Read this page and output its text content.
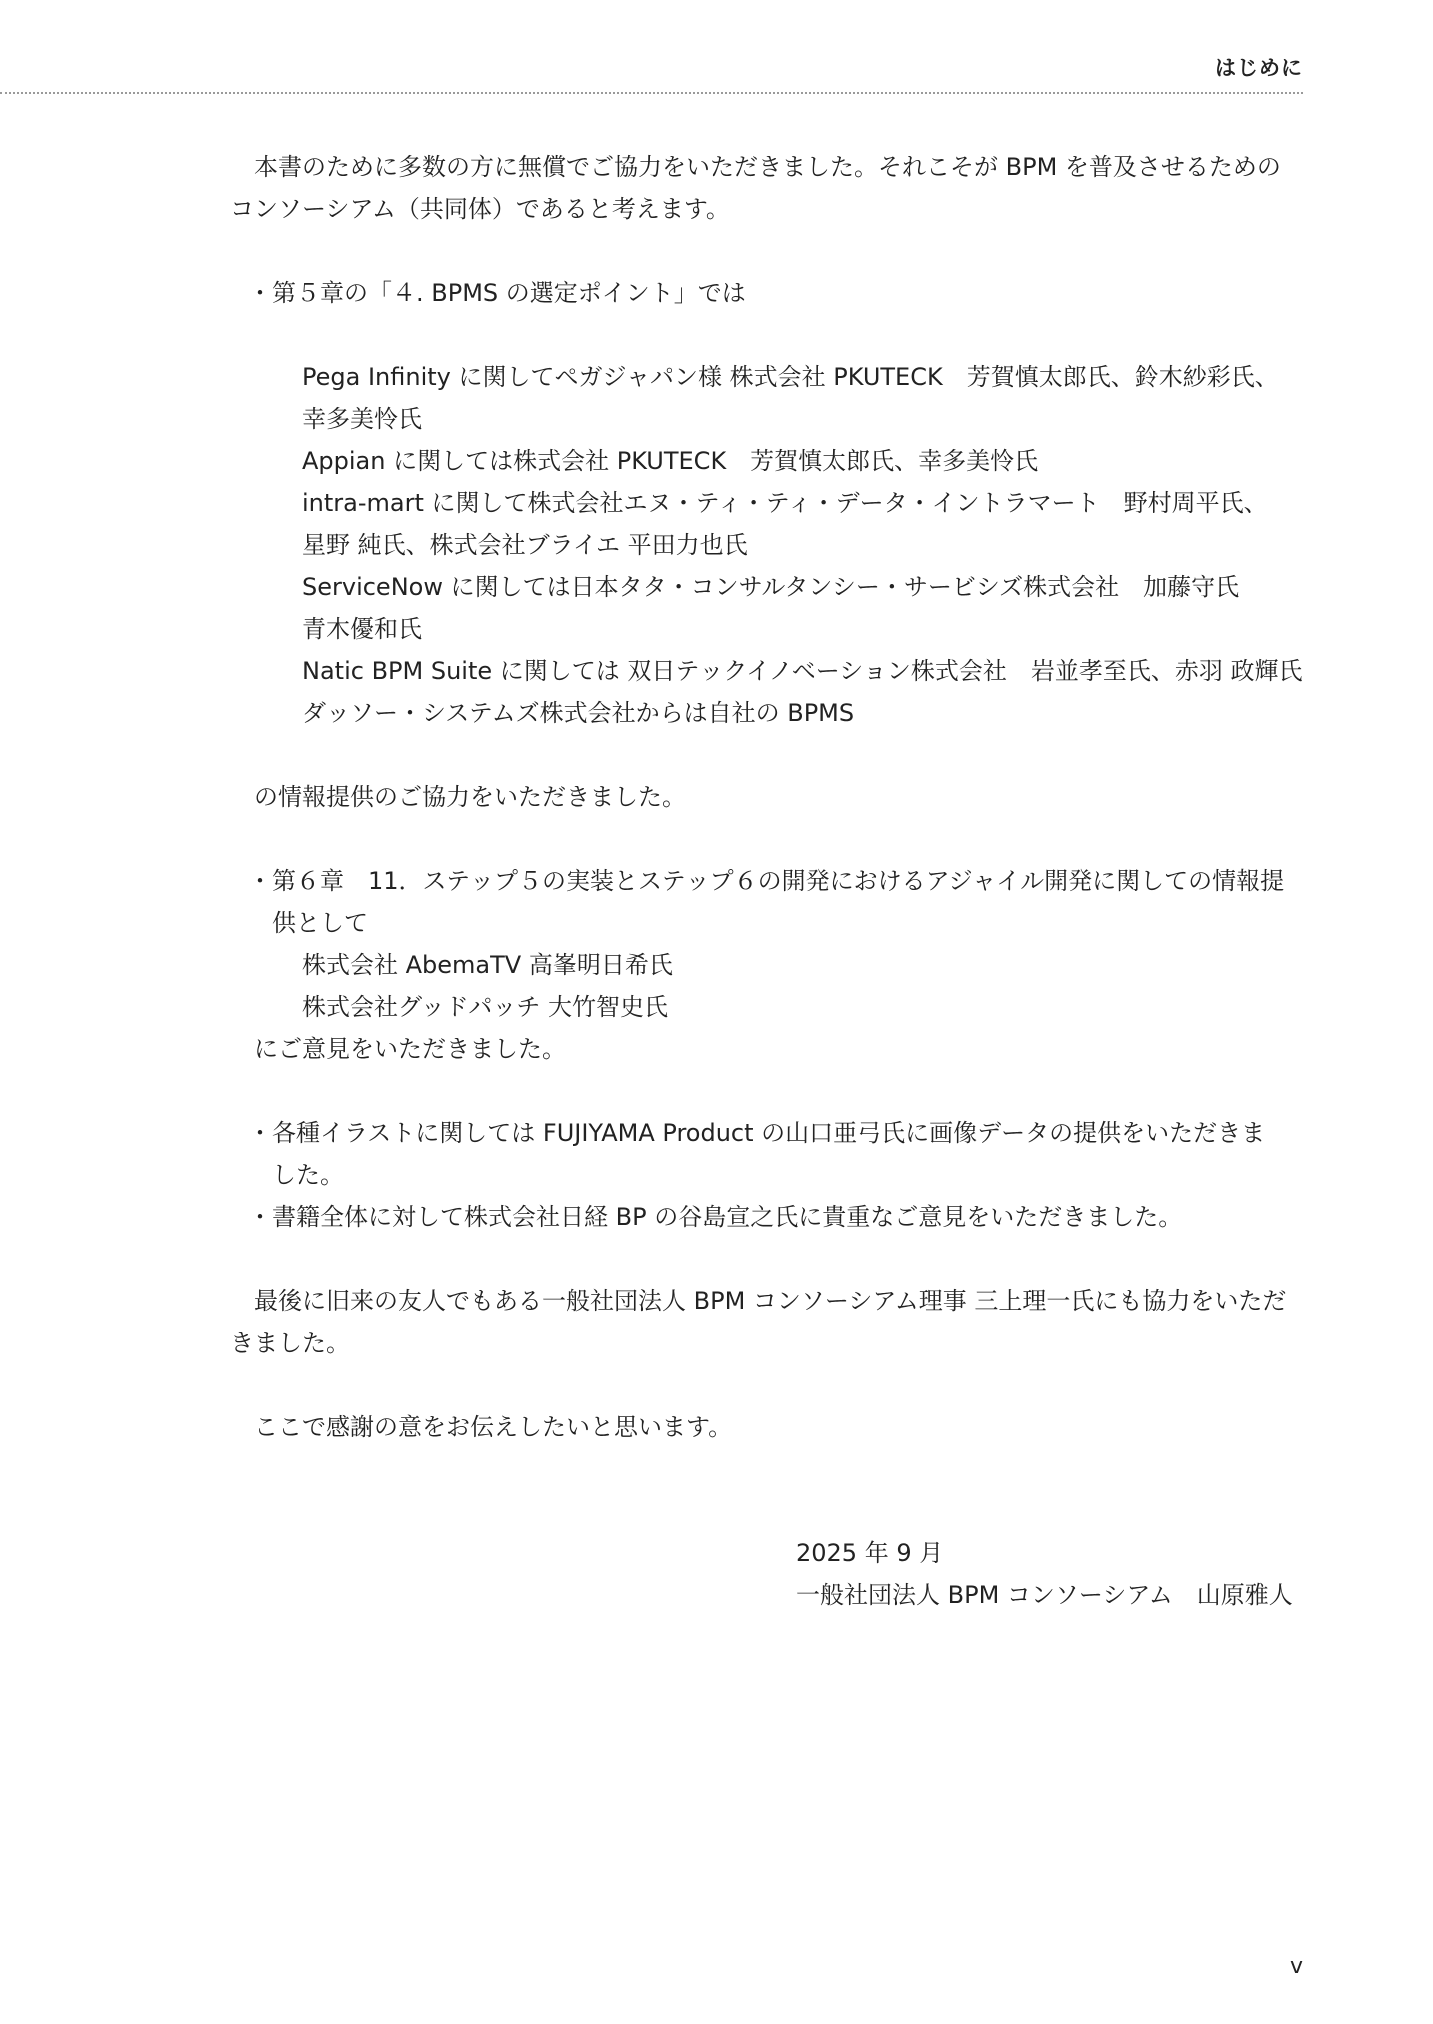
はじめに
本書のために多数の方に無償でご協力をいただきました。それこそが BPM を普及させるための
コンソーシアム（共同体）であると考えます。
・第５章の「４. BPMS の選定ポイント」では
Pega Infinity に関してペガジャパン様 株式会社 PKUTECK　芳賀慎太郎氏、鈴木紗彩氏、
幸多美怜氏
Appian に関しては株式会社 PKUTECK　芳賀慎太郎氏、幸多美怜氏
intra-mart に関して株式会社エヌ・ティ・ティ・データ・イントラマート　野村周平氏、
星野 純氏、株式会社ブライエ 平田力也氏
ServiceNow に関しては日本タタ・コンサルタンシー・サービシズ株式会社　加藤守氏
青木優和氏
Natic BPM Suite に関しては 双日テックイノベーション株式会社　岩並孝至氏、赤羽 政輝氏
ダッソー・システムズ株式会社からは自社の BPMS
の情報提供のご協力をいただきました。
・第６章　11．ステップ５の実装とステップ６の開発におけるアジャイル開発に関しての情報提
供として
株式会社 AbemaTV 高峯明日希氏
株式会社グッドパッチ 大竹智史氏
にご意見をいただきました。
・各種イラストに関しては FUJIYAMA Product の山口亜弓氏に画像データの提供をいただきま
した。
・書籍全体に対して株式会社日経 BP の谷島宣之氏に貴重なご意見をいただきました。
最後に旧来の友人でもある一般社団法人 BPM コンソーシアム理事 三上理一氏にも協力をいただ
きました。
ここで感謝の意をお伝えしたいと思います。
2025 年 9 月
一般社団法人 BPM コンソーシアム　山原雅人
v
